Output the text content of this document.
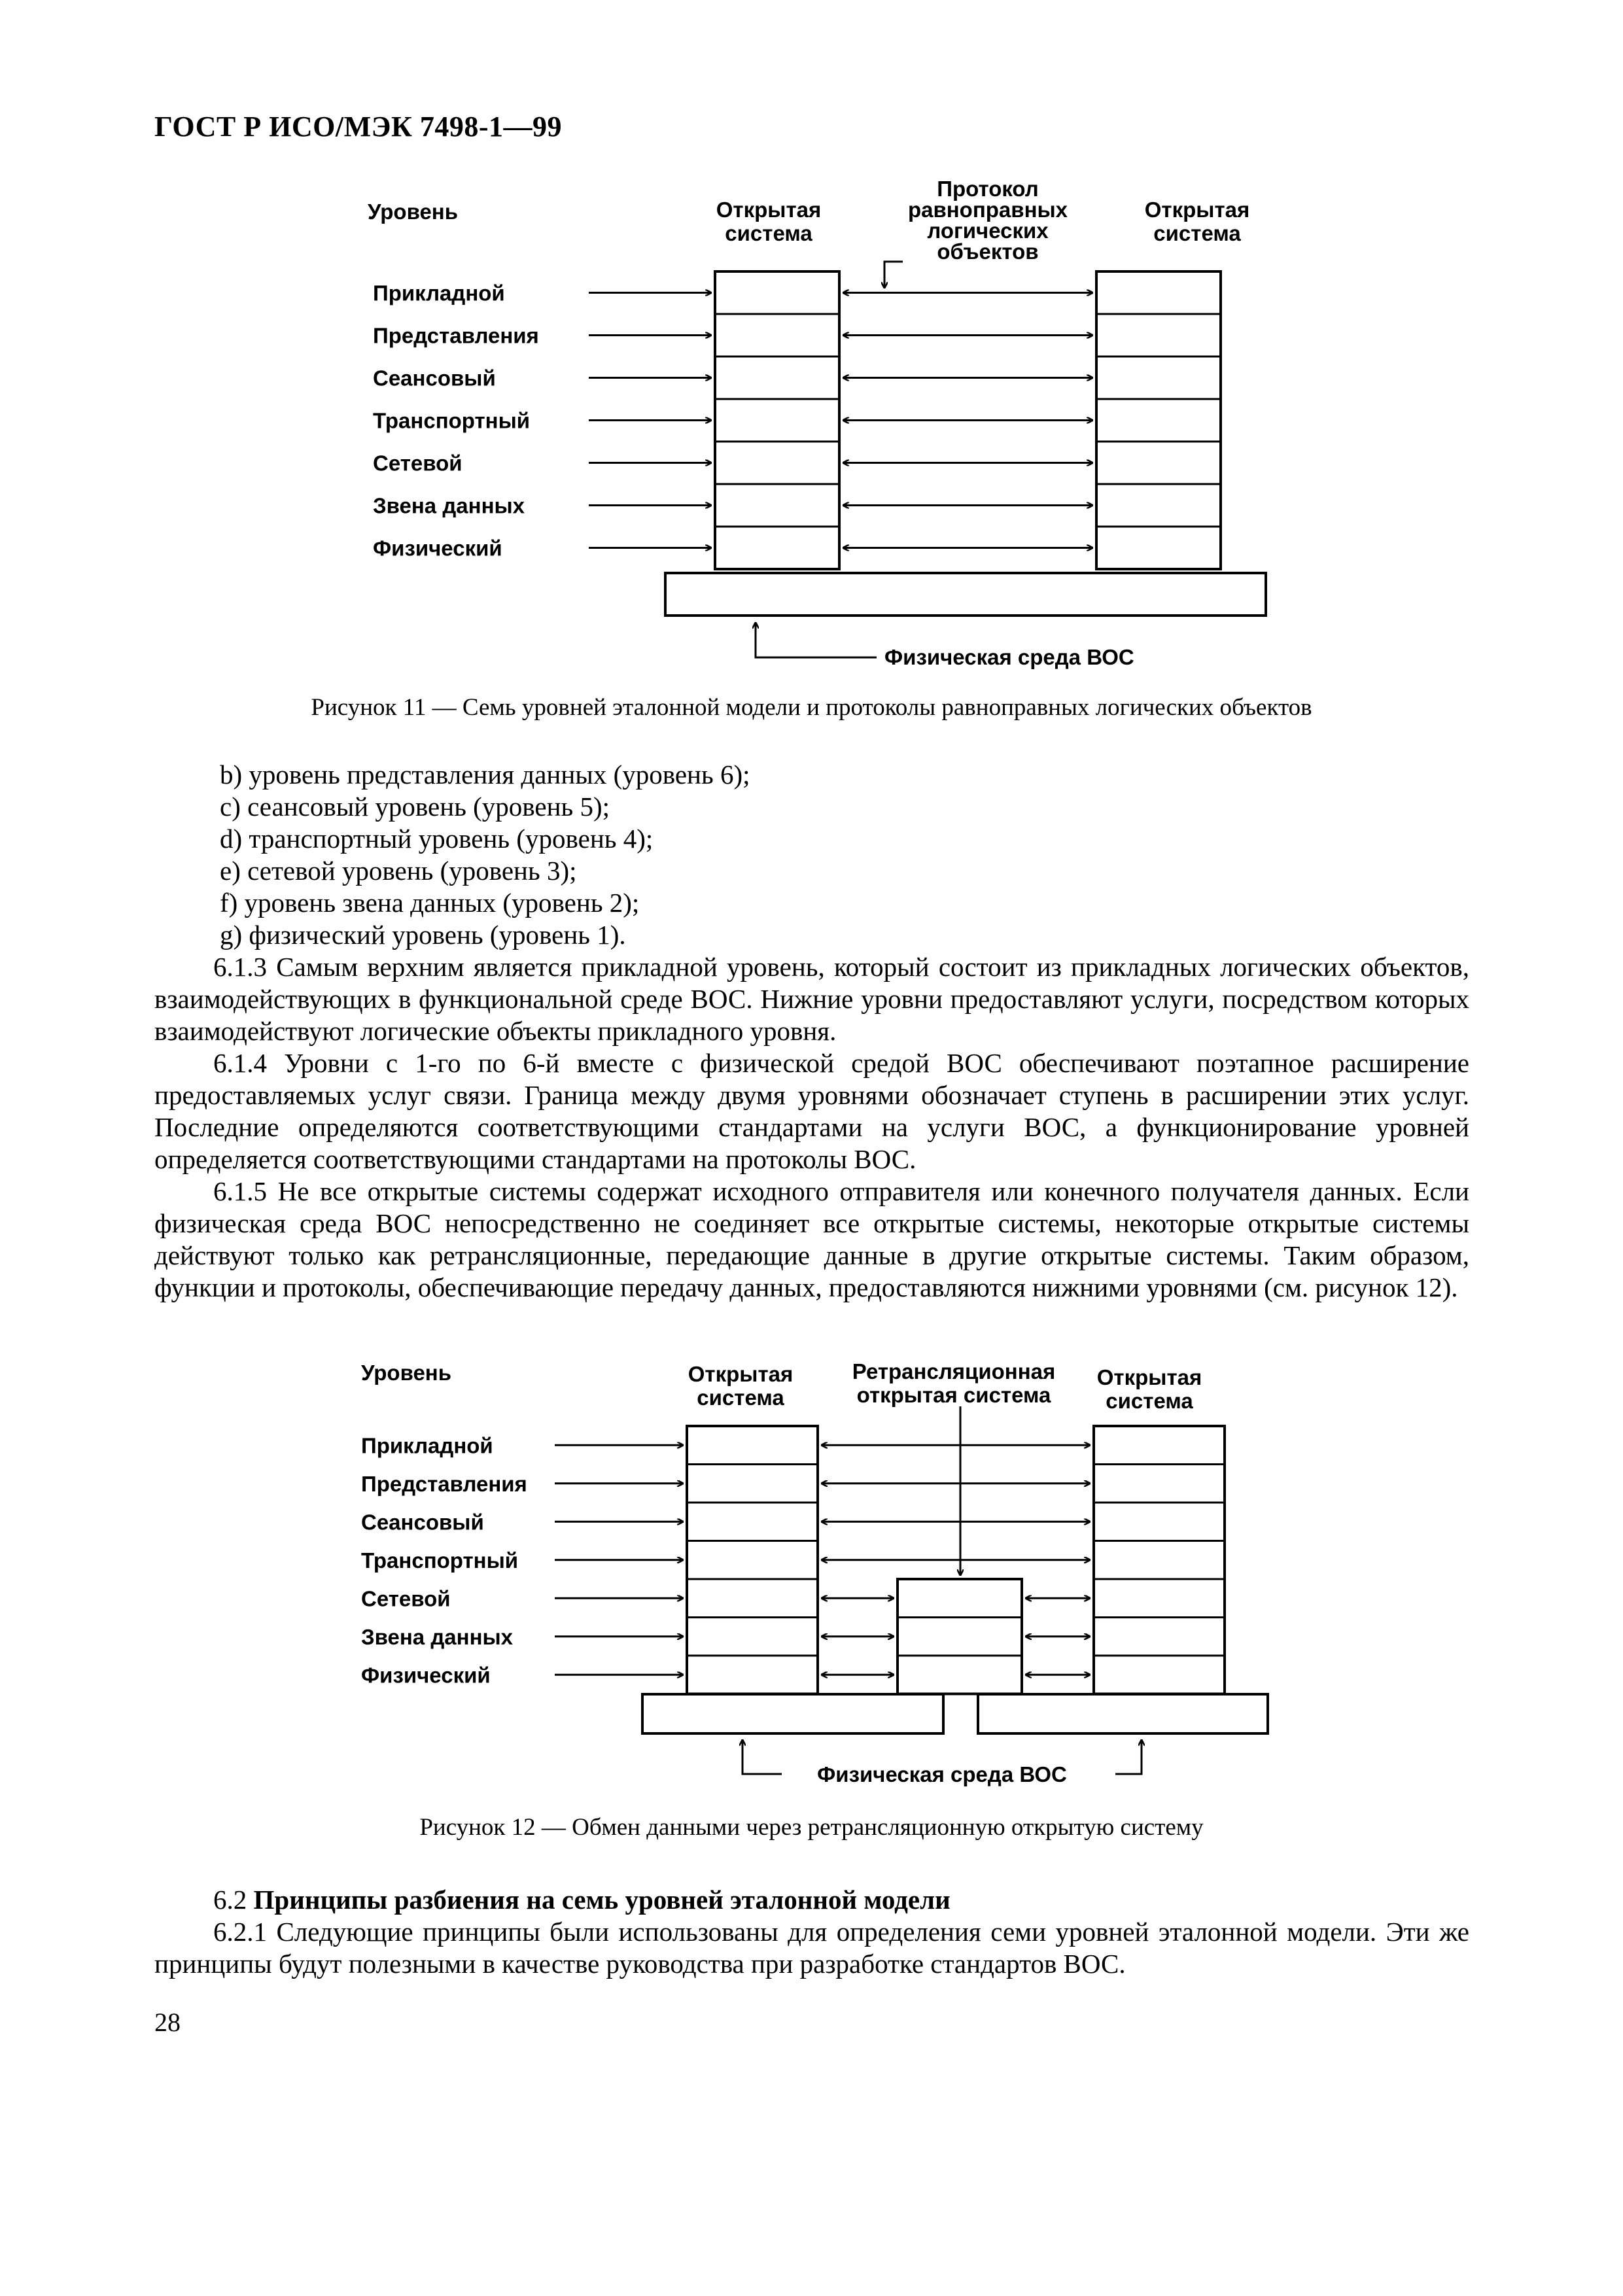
ГОСТ Р ИСО/МЭК 7498-1—99
Уровень
Прикладной
Представления
Сеансовый
Транспортный
Сетевой
Звена данных
Физический
Открытая
система
Протокол
равноправных
логических
объектов
Открытая
система
Физическая среда ВОС
Рисунок 11 — Семь уровней эталонной модели и протоколы равноправных логических объектов

b) уровень представления данных (уровень 6);

c) сеансовый уровень (уровень 5);

d) транспортный уровень (уровень 4);

e) сетевой уровень (уровень 3);

f) уровень звена данных (уровень 2);

g) физический уровень (уровень 1).

6.1.3 Самым верхним является прикладной уровень, который состоит из прикладных логических объектов, взаимодействующих в функциональной среде ВОС. Нижние уровни предоставляют услуги, посредством которых взаимодействуют логические объекты прикладного уровня.

6.1.4 Уровни с 1-го по 6-й вместе с физической средой ВОС обеспечивают поэтапное расширение предоставляемых услуг связи. Граница между двумя уровнями обозначает ступень в расширении этих услуг. Последние определяются соответствующими стандартами на услуги ВОС, а функционирование уровней определяется соответствующими стандартами на протоколы ВОС.

6.1.5 Не все открытые системы содержат исходного отправителя или конечного получателя данных. Если физическая среда ВОС непосредственно не соединяет все открытые системы, некоторые открытые системы действуют только как ретрансляционные, передающие данные в другие открытые системы. Таким образом, функции и протоколы, обеспечивающие передачу данных, предоставляются нижними уровнями (см. рисунок 12).

Уровень
Прикладной
Представления
Сеансовый
Транспортный
Сетевой
Звена данных
Физический
Открытая
система
Ретрансляционная
открытая система
Открытая
система
Физическая среда ВОС
Рисунок 12 — Обмен данными через ретрансляционную открытую систему

6.2 Принципы разбиения на семь уровней эталонной модели

6.2.1 Следующие принципы были использованы для определения семи уровней эталонной модели. Эти же принципы будут полезными в качестве руководства при разработке стандартов ВОС.

28
